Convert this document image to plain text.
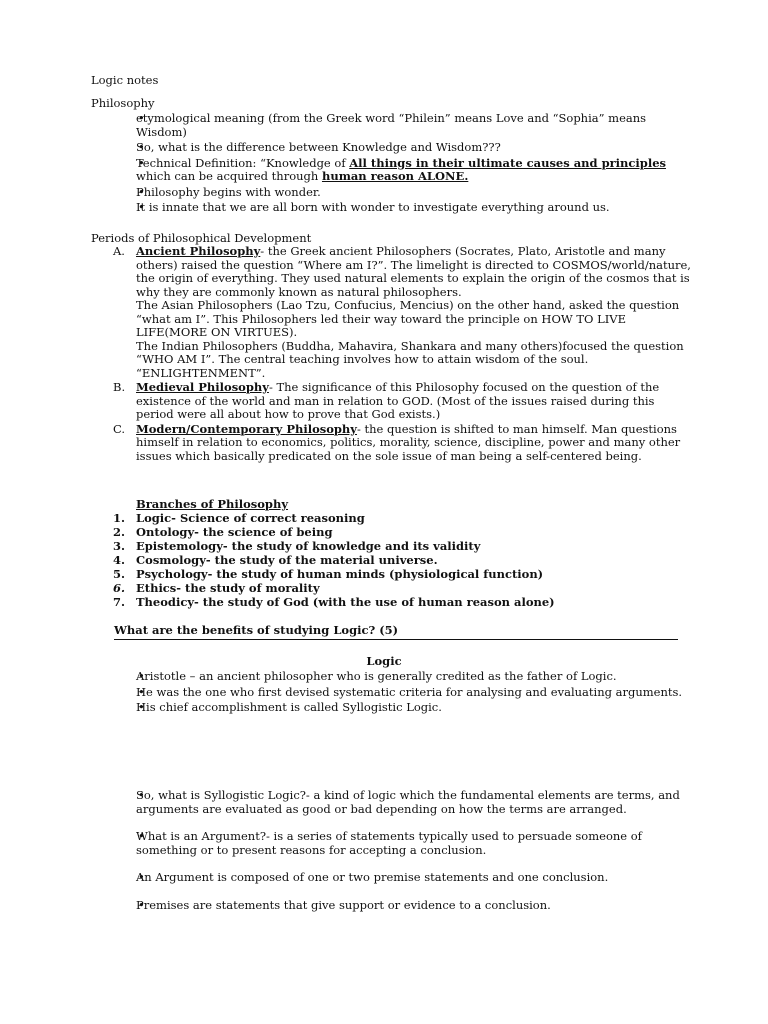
Logic notes
Philosophy
• etymological meaning (from the Greek word “Philein” means Love and “Sophia” means Wisdom)
• So, what is the difference between Knowledge and Wisdom???
• Technical Definition: “Knowledge of All things in their ultimate causes and principles which can be acquired through human reason ALONE.
• Philosophy begins with wonder.
• It is innate that we are all born with wonder to investigate everything around us.
Periods of Philosophical Development
A. Ancient Philosophy- the Greek ancient Philosophers (Socrates, Plato, Aristotle and many others) raised the question “Where am I?”. The limelight is directed to COSMOS/world/nature, the origin of everything. They used natural elements to explain the origin of the cosmos that is why they are commonly known as natural philosophers.
The Asian Philosophers (Lao Tzu, Confucius, Mencius) on the other hand, asked the question “what am I”. This Philosophers led their way toward the principle on HOW TO LIVE LIFE(MORE ON VIRTUES).
The Indian Philosophers (Buddha, Mahavira, Shankara and many others)focused the question “WHO AM I”. The central teaching involves how to attain wisdom of the soul. “ENLIGHTENMENT”.
B. Medieval Philosophy- The significance of this Philosophy focused on the question of the existence of the world and man in relation to GOD. (Most of the issues raised during this period were all about how to prove that God exists.)
C. Modern/Contemporary Philosophy- the question is shifted to man himself. Man questions himself in relation to economics, politics, morality, science, discipline, power and many other issues which basically predicated on the sole issue of man being a self-centered being.
Branches of Philosophy
1. Logic- Science of correct reasoning
2. Ontology- the science of being
3. Epistemology- the study of knowledge and its validity
4. Cosmology- the study of the material universe.
5. Psychology- the study of human minds (physiological function)
6. Ethics- the study of morality
7. Theodicy- the study of God (with the use of human reason alone)
What are the benefits of studying Logic? (5)
Logic
• Aristotle – an ancient philosopher who is generally credited as the father of Logic.
• He was the one who first devised systematic criteria for analysing and evaluating arguments.
• His chief accomplishment is called Syllogistic Logic.
• So, what is Syllogistic Logic?- a kind of logic which the fundamental elements are terms, and arguments are evaluated as good or bad depending on how the terms are arranged.
• What is an Argument?- is a series of statements typically used to persuade someone of something or to present reasons for accepting a conclusion.
• An Argument is composed of one or two premise statements and one conclusion.
• Premises are statements that give support or evidence to a conclusion.
